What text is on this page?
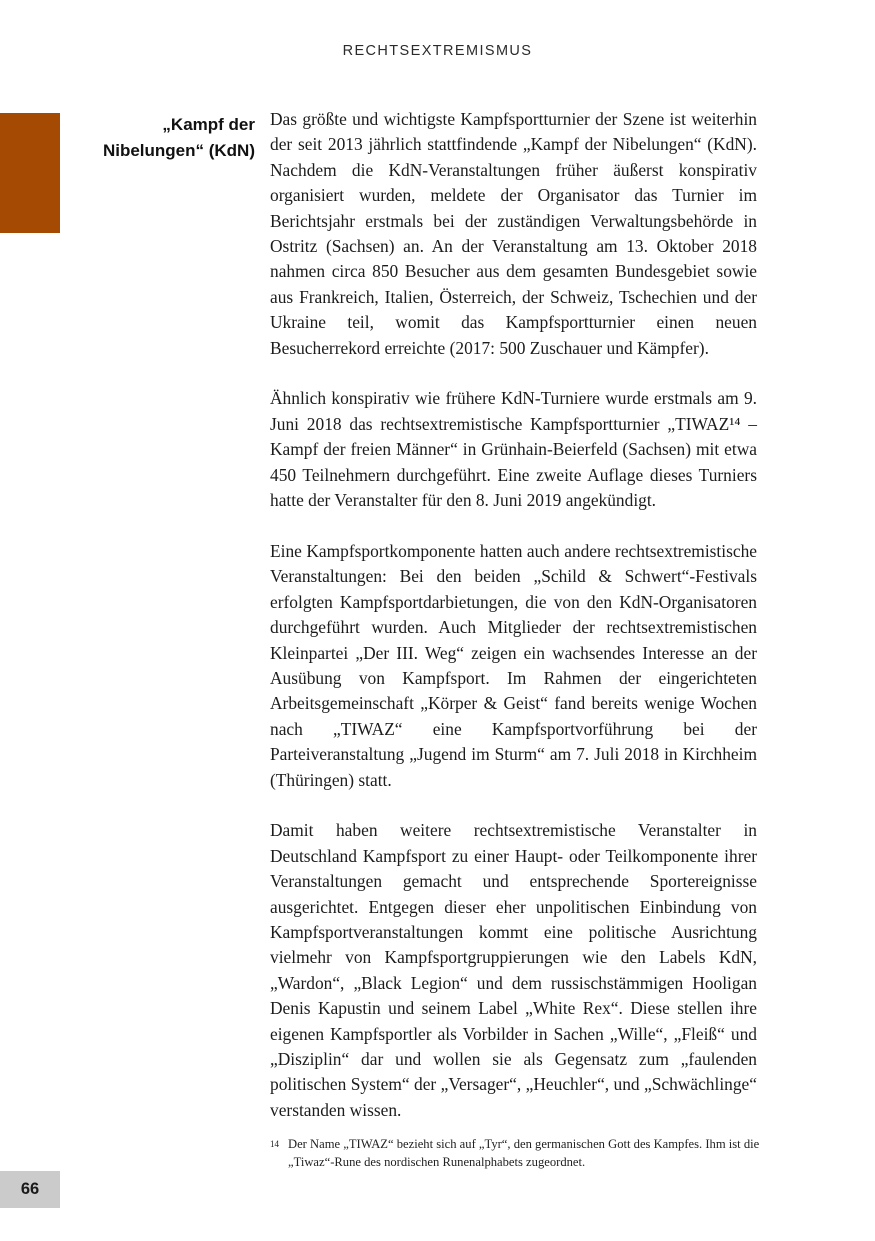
RECHTSEXTREMISMUS
„Kampf der
Nibelungen“ (KdN)

Das größte und wichtigste Kampfsportturnier der Szene ist weiterhin der seit 2013 jährlich stattfindende „Kampf der Nibelungen“ (KdN). Nachdem die KdN-Veranstaltungen früher äußerst konspirativ organisiert wurden, meldete der Organisator das Turnier im Berichtsjahr erstmals bei der zuständigen Verwaltungsbehörde in Ostritz (Sachsen) an. An der Veranstaltung am 13. Oktober 2018 nahmen circa 850 Besucher aus dem gesamten Bundesgebiet sowie aus Frankreich, Italien, Österreich, der Schweiz, Tschechien und der Ukraine teil, womit das Kampfsportturnier einen neuen Besucherrekord erreichte (2017: 500 Zuschauer und Kämpfer).

Ähnlich konspirativ wie frühere KdN-Turniere wurde erstmals am 9. Juni 2018 das rechtsextremistische Kampfsportturnier „TIWAZ¹⁴ – Kampf der freien Männer“ in Grünhain-Beierfeld (Sachsen) mit etwa 450 Teilnehmern durchgeführt. Eine zweite Auflage dieses Turniers hatte der Veranstalter für den 8. Juni 2019 angekündigt.

Eine Kampfsportkomponente hatten auch andere rechtsextremistische Veranstaltungen: Bei den beiden „Schild & Schwert“-Festivals erfolgten Kampfsportdarbietungen, die von den KdN-Organisatoren durchgeführt wurden. Auch Mitglieder der rechtsextremistischen Kleinpartei „Der III. Weg“ zeigen ein wachsendes Interesse an der Ausübung von Kampfsport. Im Rahmen der eingerichteten Arbeitsgemeinschaft „Körper & Geist“ fand bereits wenige Wochen nach „TIWAZ“ eine Kampfsportvorführung bei der Parteiveranstaltung „Jugend im Sturm“ am 7. Juli 2018 in Kirchheim (Thüringen) statt.

Damit haben weitere rechtsextremistische Veranstalter in Deutschland Kampfsport zu einer Haupt- oder Teilkomponente ihrer Veranstaltungen gemacht und entsprechende Sportereignisse ausgerichtet. Entgegen dieser eher unpolitischen Einbindung von Kampfsportveranstaltungen kommt eine politische Ausrichtung vielmehr von Kampfsportgruppierungen wie den Labels KdN, „Wardon“, „Black Legion“ und dem russischstämmigen Hooligan Denis Kapustin und seinem Label „White Rex“. Diese stellen ihre eigenen Kampfsportler als Vorbilder in Sachen „Wille“, „Fleiß“ und „Disziplin“ dar und wollen sie als Gegensatz zum „faulenden politischen System“ der „Versager“, „Heuchler“, und „Schwächlinge“ verstanden wissen.

14 Der Name „TIWAZ“ bezieht sich auf „Tyr“, den germanischen Gott des Kampfes. Ihm ist die „Tiwaz“-Rune des nordischen Runenalphabets zugeordnet.
66
